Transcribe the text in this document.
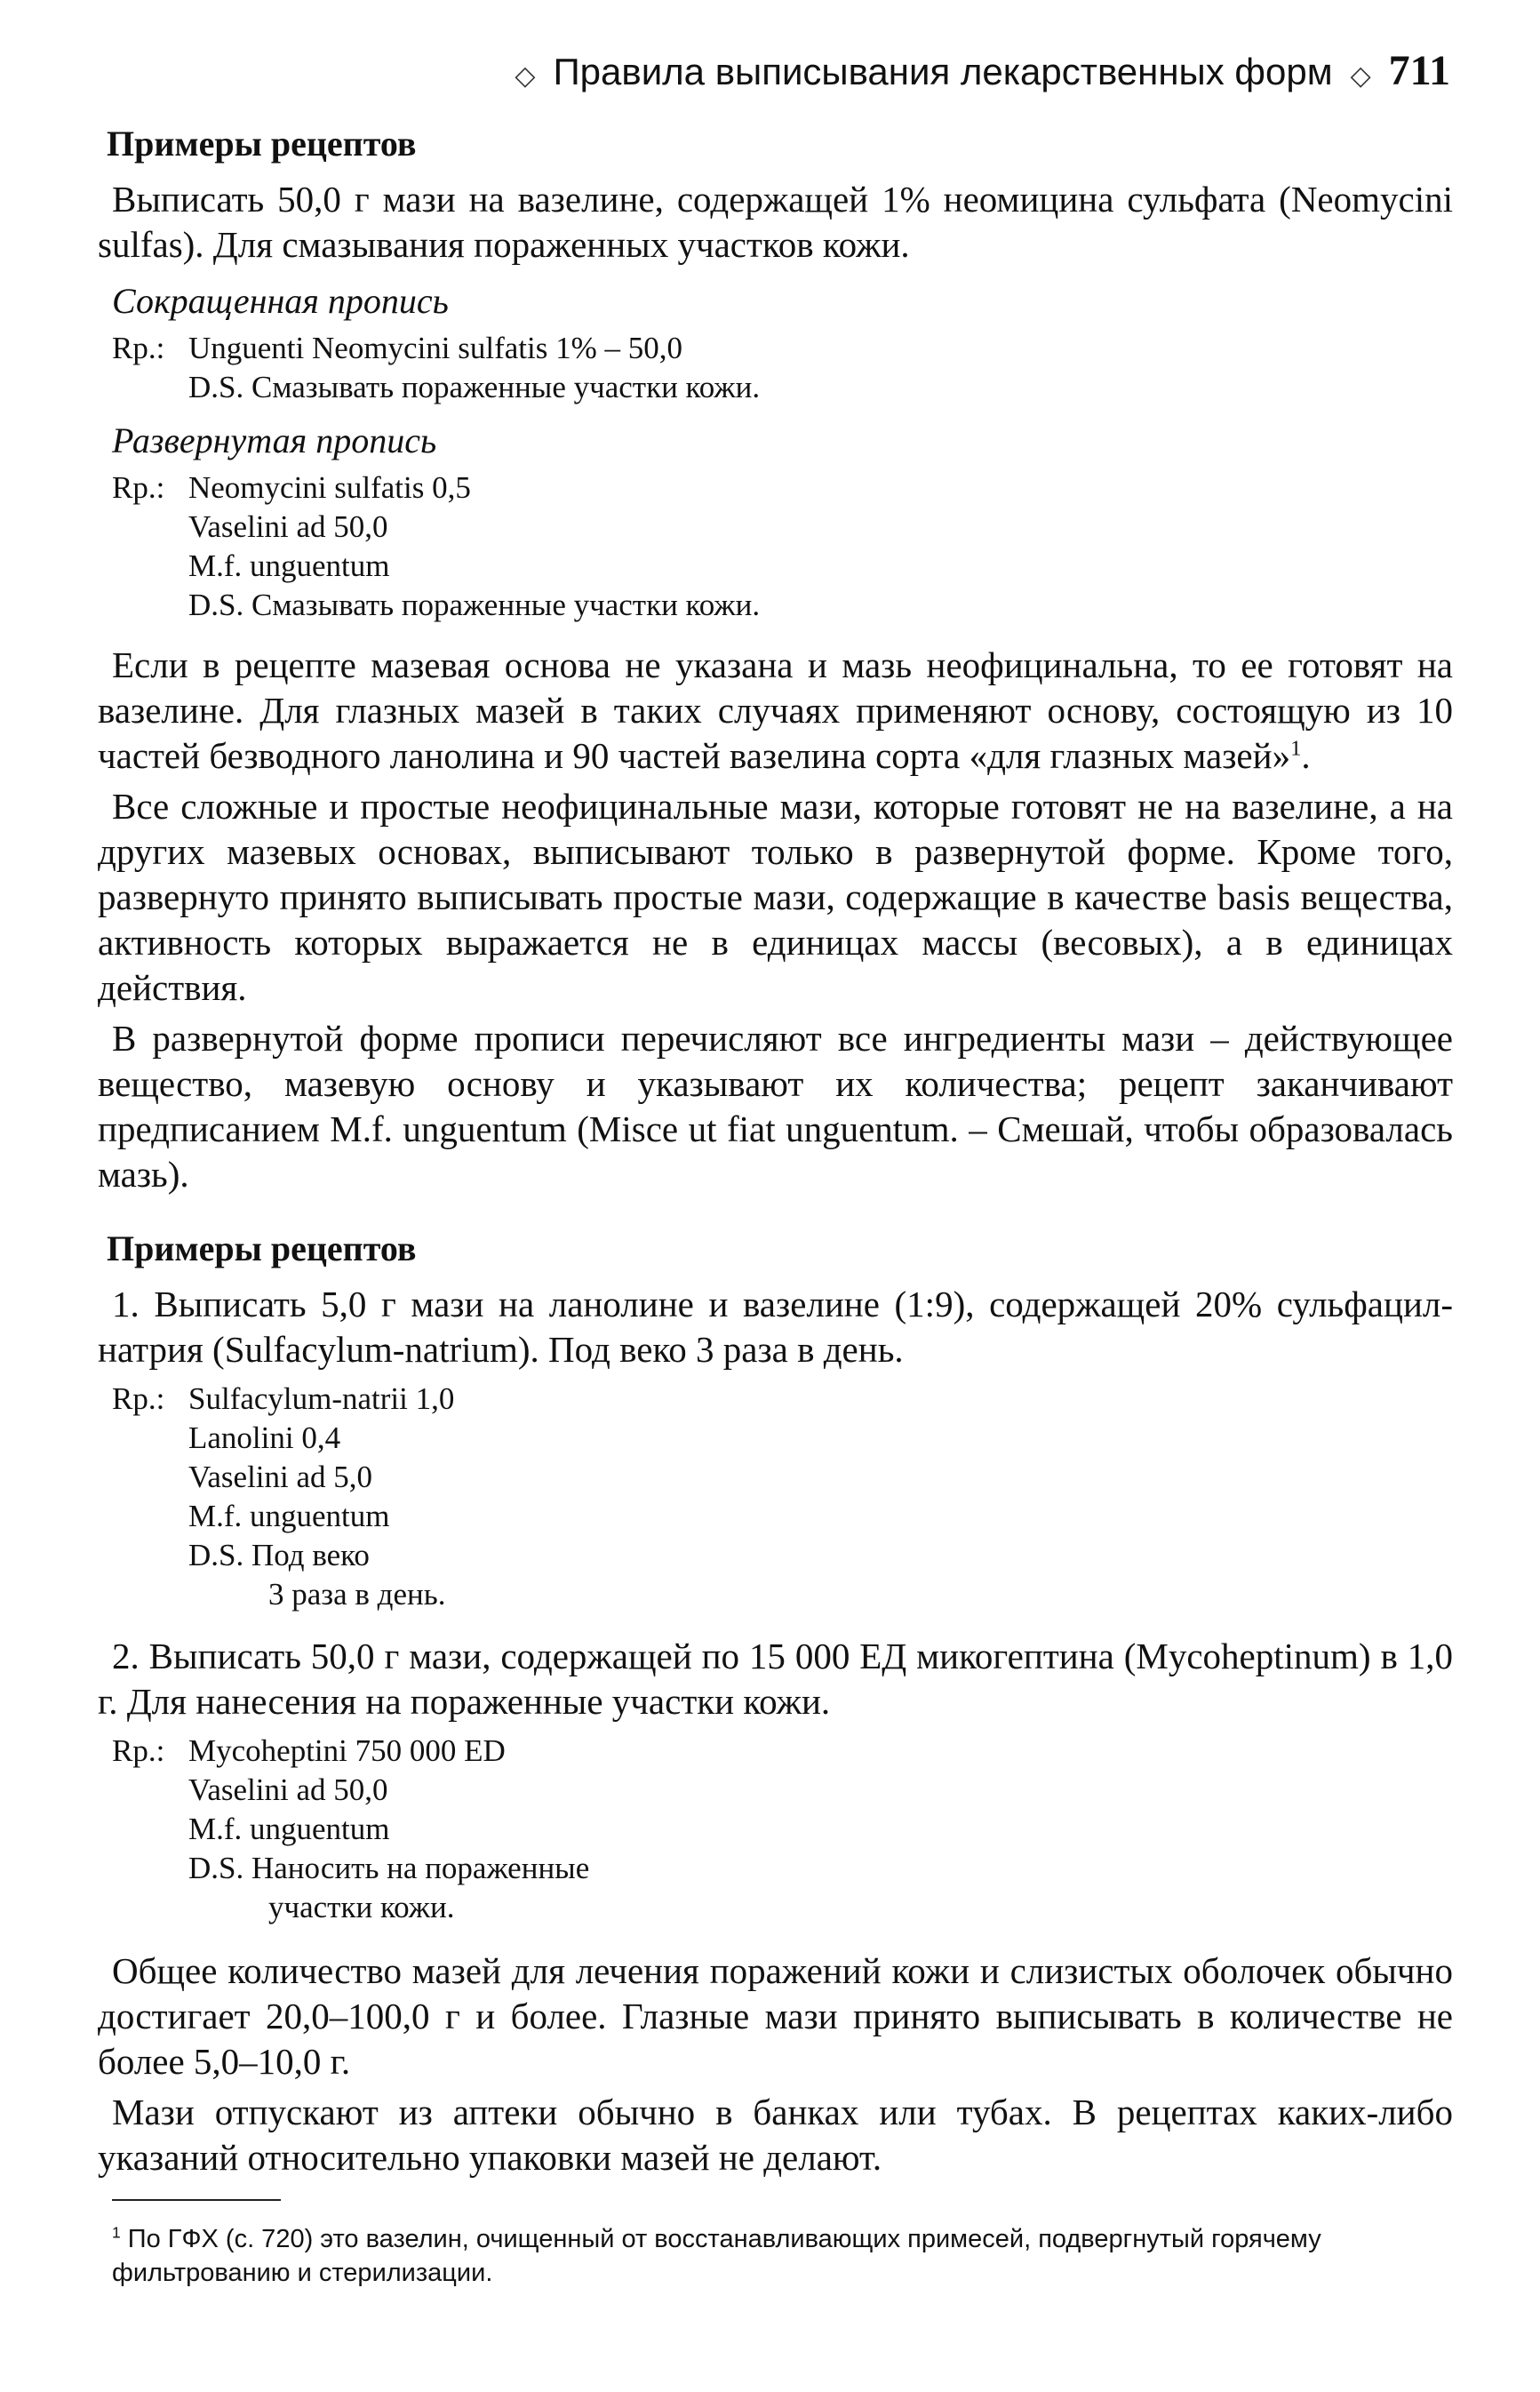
◇ Правила выписывания лекарственных форм ◇ 711
Примеры рецептов
Выписать 50,0 г мази на вазелине, содержащей 1% неомицина сульфата (Neomycini sulfas). Для смазывания пораженных участков кожи.
Сокращенная пропись
Rp.: Unguenti Neomycini sulfatis 1% – 50,0
D.S. Смазывать пораженные участки кожи.
Развернутая пропись
Rp.: Neomycini sulfatis 0,5
Vaselini ad 50,0
M.f. unguentum
D.S. Смазывать пораженные участки кожи.

Если в рецепте мазевая основа не указана и мазь неофицинальна, то ее готовят на вазелине. Для глазных мазей в таких случаях применяют основу, состоящую из 10 частей безводного ланолина и 90 частей вазелина сорта «для глазных мазей»$^1$.

Все сложные и простые неофицинальные мази, которые готовят не на вазелине, а на других мазевых основах, выписывают только в развернутой форме. Кроме того, развернуто принято выписывать простые мази, содержащие в качестве basis вещества, активность которых выражается не в единицах массы (весовых), а в единицах действия.

В развернутой форме прописи перечисляют все ингредиенты мази – действующее вещество, мазевую основу и указывают их количества; рецепт заканчивают предписанием M.f. unguentum (Misce ut fiat unguentum. – Смешай, чтобы образовалась мазь).

Примеры рецептов
1. Выписать 5,0 г мази на ланолине и вазелине (1:9), содержащей 20% сульфацил-натрия (Sulfacylum-natrium). Под веко 3 раза в день.
Rp.: Sulfacylum-natrii 1,0
Lanolini 0,4
Vaselini ad 5,0
M.f. unguentum
D.S. Под веко
3 раза в день.
2. Выписать 50,0 г мази, содержащей по 15 000 ЕД микогептина (Mycoheptinum) в 1,0 г. Для нанесения на пораженные участки кожи.
Rp.: Mycoheptini 750 000 ЕD
Vaselini ad 50,0
M.f. unguentum
D.S. Наносить на пораженные
участки кожи.

Общее количество мазей для лечения поражений кожи и слизистых оболочек обычно достигает 20,0–100,0 г и более. Глазные мази принято выписывать в количестве не более 5,0–10,0 г.

Мази отпускают из аптеки обычно в банках или тубах. В рецептах каких-либо указаний относительно упаковки мазей не делают.

$^1$ По ГФХ (с. 720) это вазелин, очищенный от восстанавливающих примесей, подвергнутый горячему фильтрованию и стерилизации.
